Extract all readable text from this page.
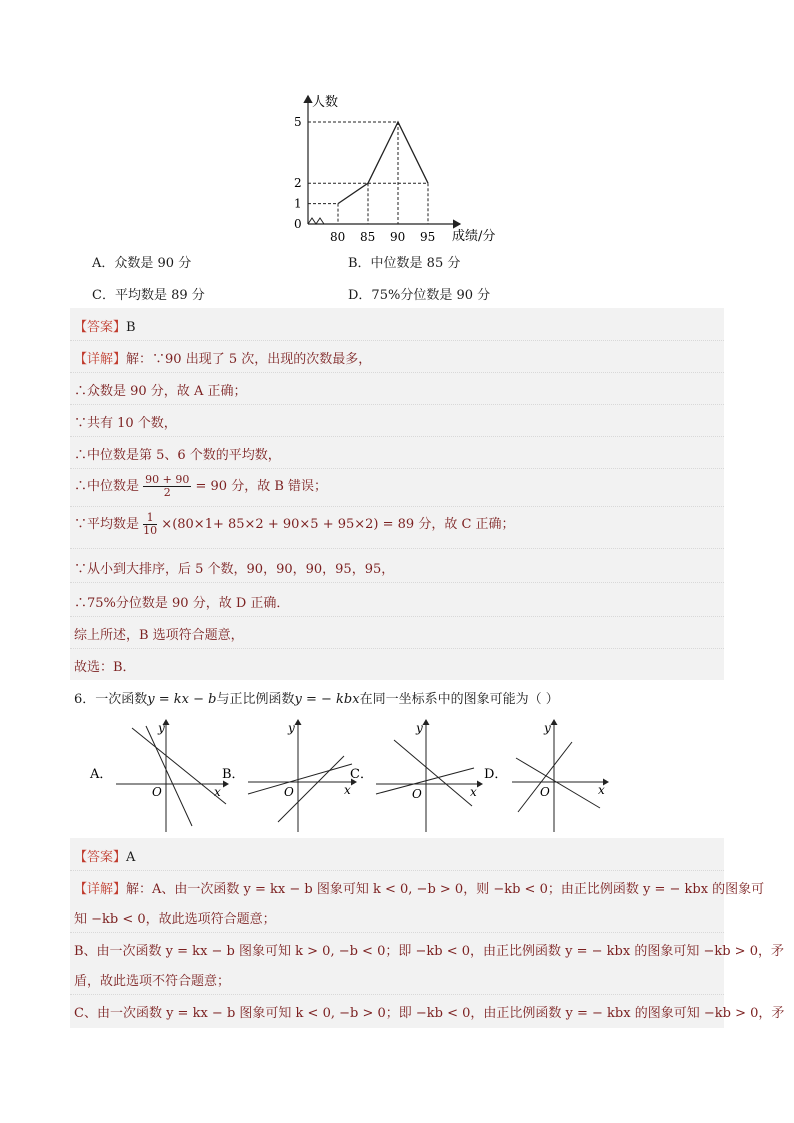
5
2
1
0
80 85 90 95
人数
成绩/分
A．众数是 90 分	B．中位数是 85 分
C．平均数是 89 分	D．75%分位数是 90 分
【答案】B
【详解】解：∵90 出现了 5 次，出现的次数最多，
∴众数是 90 分，故 A 正确；
∵共有 10 个数，
∴中位数是第 5、6 个数的平均数，
∴中位数是 $\frac{90 + 90}{2} = 90$ 分，故 B 错误；
∵平均数是 $\frac{1}{10} \times(80\times 1+ 85\times 2 + 90\times 5 + 95\times 2) = 89$ 分，故 C 正确；
∵从小到大排序，后 5 个数，90，90，90，95，95，
∴75%分位数是 90 分，故 D 正确．
综上所述，B 选项符合题意，
故选：B．
6．一次函数y = kx − b与正比例函数y = − kbx在同一坐标系中的图象可能为（ ）
A．
y
x
O
B．
y
x
O
C．
y
x
O
D．
y
x
O
【答案】A
【详解】解：A、由一次函数 y = kx − b 图象可知 k < 0, −b > 0，则 −kb < 0；由正比例函数 y = − kbx 的图象可
知 −kb < 0，故此选项符合题意；
B、由一次函数 y = kx − b 图象可知 k > 0, −b < 0；即 −kb < 0，由正比例函数 y = − kbx 的图象可知 −kb > 0，矛
盾，故此选项不符合题意；
C、由一次函数 y = kx − b 图象可知 k < 0, −b > 0；即 −kb < 0，由正比例函数 y = − kbx 的图象可知 −kb > 0，矛
